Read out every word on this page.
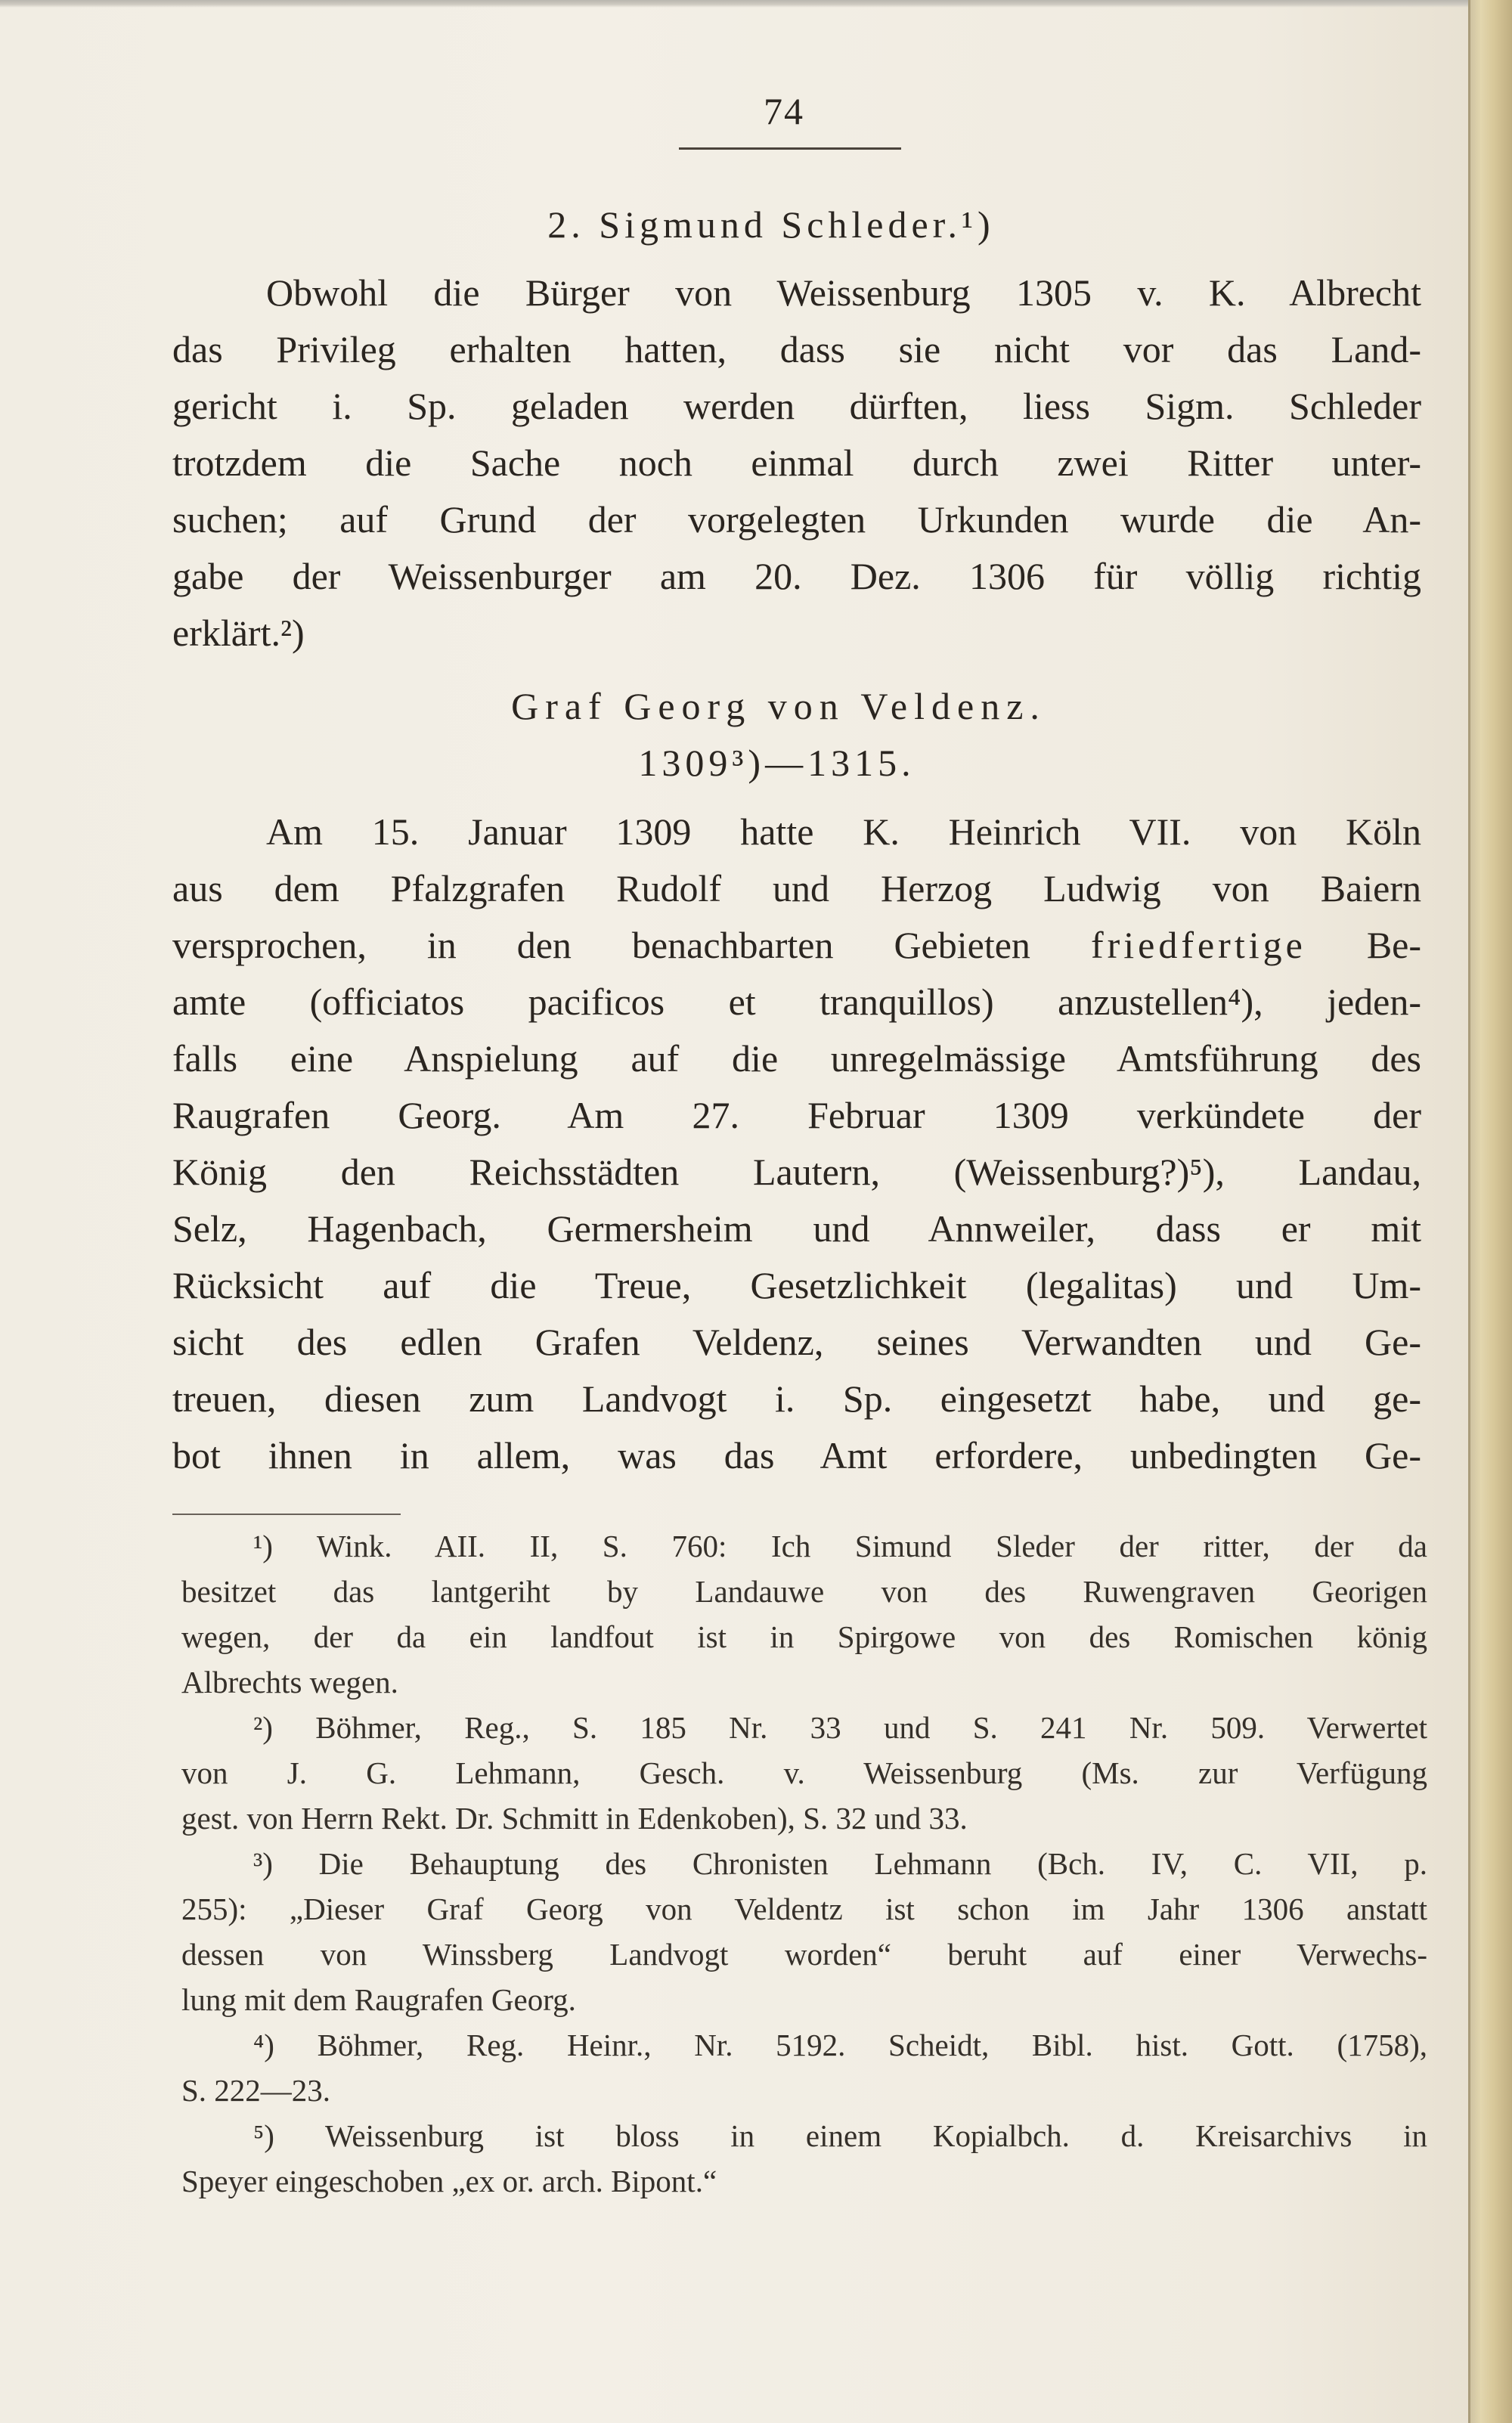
74
2. Sigmund Schleder.¹)
Obwohl die Bürger von Weissenburg 1305 v. K. Albrecht
das Privileg erhalten hatten, dass sie nicht vor das Land-
gericht i. Sp. geladen werden dürften, liess Sigm. Schleder
trotzdem die Sache noch einmal durch zwei Ritter unter-
suchen; auf Grund der vorgelegten Urkunden wurde die An-
gabe der Weissenburger am 20. Dez. 1306 für völlig richtig
erklärt.²)
Graf Georg von Veldenz.
1309³)—1315.
Am 15. Januar 1309 hatte K. Heinrich VII. von Köln
aus dem Pfalzgrafen Rudolf und Herzog Ludwig von Baiern
versprochen, in den benachbarten Gebieten friedfertige Be-
amte (officiatos pacificos et tranquillos) anzustellen⁴), jeden-
falls eine Anspielung auf die unregelmässige Amtsführung des
Raugrafen Georg. Am 27. Februar 1309 verkündete der
König den Reichsstädten Lautern, (Weissenburg?)⁵), Landau,
Selz, Hagenbach, Germersheim und Annweiler, dass er mit
Rücksicht auf die Treue, Gesetzlichkeit (legalitas) und Um-
sicht des edlen Grafen Veldenz, seines Verwandten und Ge-
treuen, diesen zum Landvogt i. Sp. eingesetzt habe, und ge-
bot ihnen in allem, was das Amt erfordere, unbedingten Ge-
¹) Wink. AII. II, S. 760: Ich Simund Sleder der ritter, der da
besitzet das lantgeriht by Landauwe von des Ruwengraven Georigen
wegen, der da ein landfout ist in Spirgowe von des Romischen könig
Albrechts wegen.
²) Böhmer, Reg., S. 185 Nr. 33 und S. 241 Nr. 509. Verwertet
von J. G. Lehmann, Gesch. v. Weissenburg (Ms. zur Verfügung
gest. von Herrn Rekt. Dr. Schmitt in Edenkoben), S. 32 und 33.
³) Die Behauptung des Chronisten Lehmann (Bch. IV, C. VII, p.
255): „Dieser Graf Georg von Veldentz ist schon im Jahr 1306 anstatt
dessen von Winssberg Landvogt worden“ beruht auf einer Verwechs-
lung mit dem Raugrafen Georg.
⁴) Böhmer, Reg. Heinr., Nr. 5192. Scheidt, Bibl. hist. Gott. (1758),
S. 222—23.
⁵) Weissenburg ist bloss in einem Kopialbch. d. Kreisarchivs in
Speyer eingeschoben „ex or. arch. Bipont.“
